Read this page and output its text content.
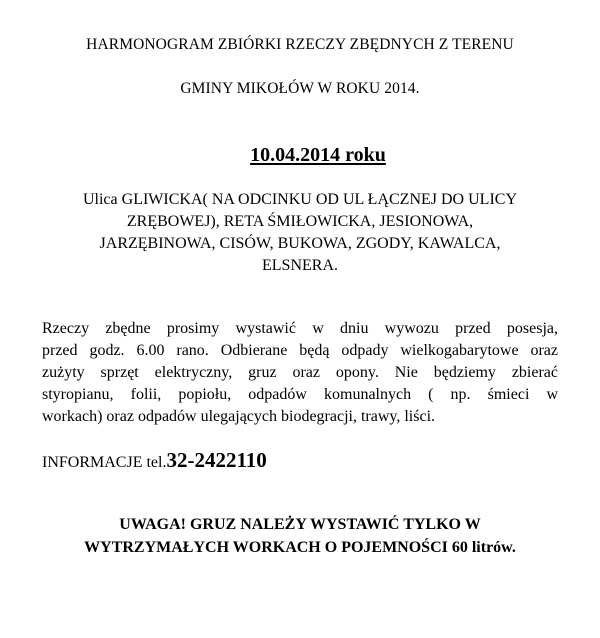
HARMONOGRAM ZBIÓRKI RZECZY ZBĘDNYCH Z TERENU
GMINY MIKOŁÓW W ROKU 2014.
10.04.2014 roku

Ulica GLIWICKA( NA ODCINKU OD UL ŁĄCZNEJ DO ULICY
ZRĘBOWEJ), RETA ŚMIŁOWICKA, JESIONOWA,
JARZĘBINOWA, CISÓW, BUKOWA, ZGODY, KAWALCA,
ELSNERA.

Rzeczy zbędne prosimy wystawić w dniu wywozu przed posesja,
przed godz. 6.00 rano. Odbierane będą odpady wielkogabarytowe oraz
zużyty sprzęt elektryczny, gruz oraz opony. Nie będziemy zbierać
styropianu, folii, popiołu, odpadów komunalnych ( np. śmieci w
workach) oraz odpadów ulegających biodegracji, trawy, liści.

INFORMACJE tel.32-2422110

UWAGA! GRUZ NALEŻY WYSTAWIĆ TYLKO W
WYTRZYMAŁYCH WORKACH O POJEMNOŚCI 60 litrów.
